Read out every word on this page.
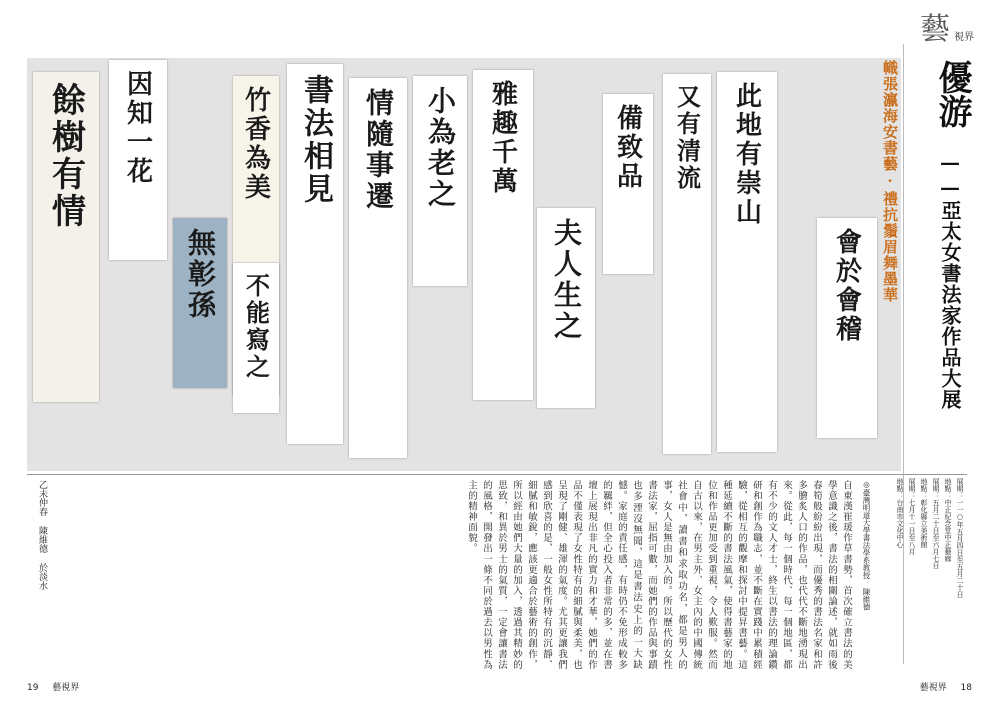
藝 視界
餘樹有情	因知一花
無彰孫
竹香為美
不能寫之
書法相見	情隨事遷	小為老之	雅趣千萬
夫人生之
備致品	又有清流	此地有崇山
會於會稽	幟張瀛海安書藝·禮抗鬚眉舞墨華 優游
——亞太女書法家作品大展
展期：一一○年五月四日至五月二十日
地點：中正紀念堂中正藝廊
展期：五月二十日至六月七日
地點：彰化縣立美術館
展期：七月十一日至八月
地點：台南市文化中心
◎臺灣明道大學書法學系教授 陳維德
自東漢崔瑗作草書勢，首次確立書法的美學意識之後，書法的相關論述，就如雨後春筍般紛紛出現，而優秀的書法名家和許多膾炙人口的作品，也代代不斷地湧現出來。從此，每一個時代、每一個地區，都有不少的文人才士，終生以書法的理論鑽研和創作為職志，並不斷在實踐中累積經驗，從相互的觀摩和探討中提昇書藝。這種延續不斷的書法風氣，使得書藝家的地位和作品更加受到重視，令人歎服。然而自古以來，在男主外、女主內的中國傳統社會中，讀書和求取功名，都是男人的事，女人是無由加入的。所以歷代的女性書法家，屈指可數，而她們的作品與事蹟也多湮沒無聞，這是書法史上的一大缺憾。家庭的責任感，有時仍不免形成較多的羈絆，但全心投入者非常的多，並在書壇上展現出非凡的實力和才華，她們的作品不僅表現了女性特有的細膩與柔美，也呈現了剛健、雄渾的氣度。尤其更讓我們感到欣喜的是，一般女性所特有的沉靜、細膩和敏銳，應該更適合於藝術的創作，所以經由她們大量的加入，透過其精妙的思致，和異於男士的氣質，一定會讓書法的風格，開發出一條不同於過去以男性為主的精神面貌。
乙未仲春 陳維德 於淡水
19 藝視界	藝視界 18
